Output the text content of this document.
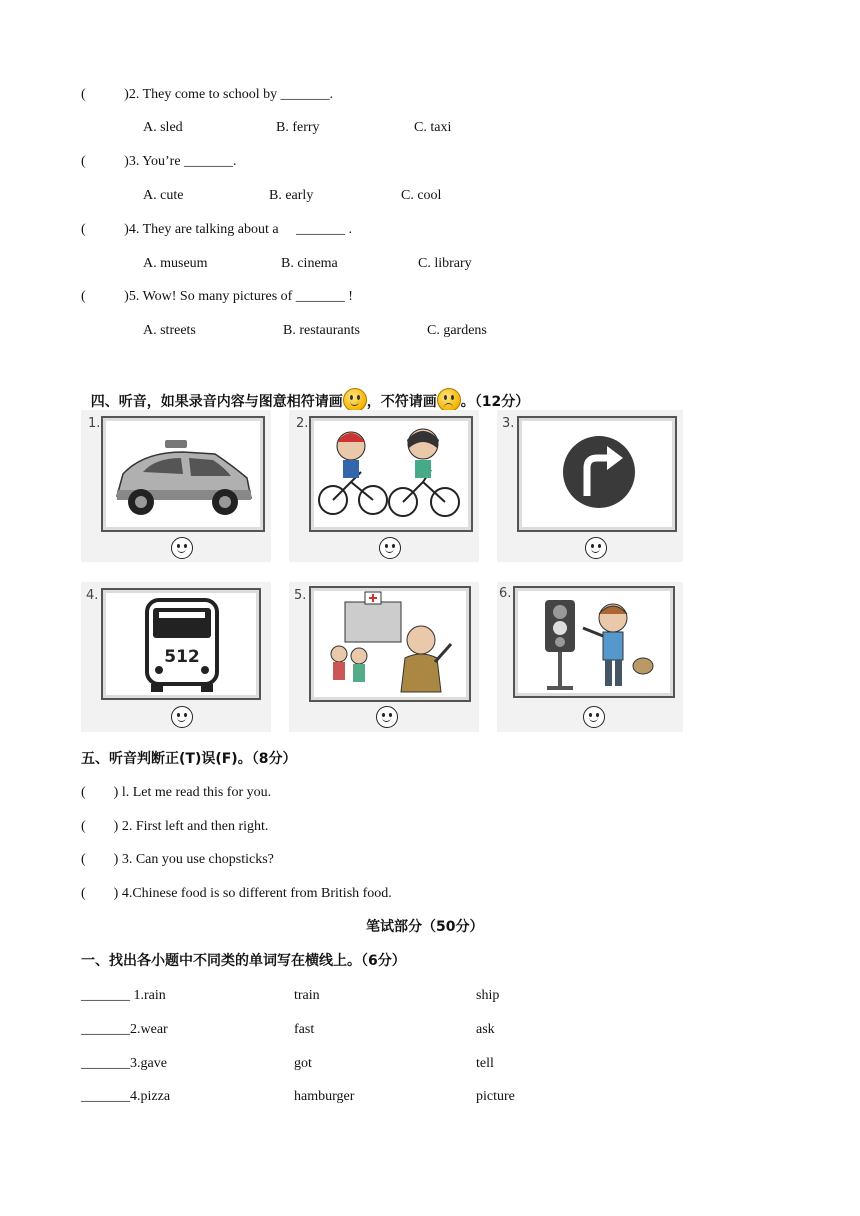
(           )2. They come to school by _______.
A. sled	B. ferry	C. taxi
(           )3. You’re _______.
A. cute	B. early	C. cool
(           )4. They are talking about a     _______ .
A. museum	B. cinema	C. library
(           )5. Wow! So many pictures of _______ !
A. streets	B. restaurants	C. gardens

四、听音，如果录音内容与图意相符请画 ，不符请画 。（12分）

1.	2.	3.
4.
512
5.	6.
五、听音判断正(T)误(F)。（8分）
(        ) l. Let me read this for you.
(        ) 2. First left and then right.
(        ) 3. Can you use chopsticks?
(        ) 4.Chinese food is so different from British food.
笔试部分（50分）
一、找出各小题中不同类的单词写在横线上。（6分）
_______ 1.rain	train	ship
_______2.wear	fast	ask
_______3.gave	got	tell
_______4.pizza	hamburger	picture
